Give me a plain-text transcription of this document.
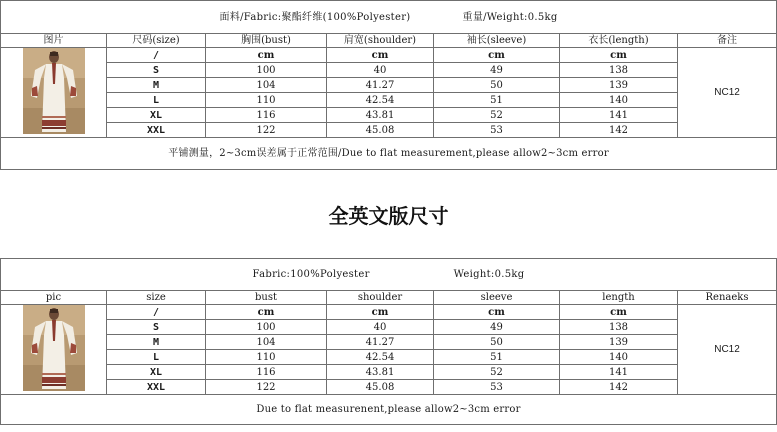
面料/Fabric:聚酯纤维(100%Polyester) 重量/Weight:0.5kg						
图片	尺码(size)	胸围(bust)	肩宽(shoulder)	袖长(sleeve)	衣长(length)	备注
	/	cm	cm	cm	cm	NC12
	S	100	40	49	138	
	M	104	41.27	50	139	
	L	110	42.54	51	140	
	XL	116	43.81	52	141	
	XXL	122	45.08	53	142	
平铺测量，2~3cm误差属于正常范围/Due to flat measurement,please allow2~3cm error						
全英文版尺寸
Fabric:100%Polyester Weight:0.5kg						
pic	size	bust	shoulder	sleeve	length	Renaeks
	/	cm	cm	cm	cm	NC12
	S	100	40	49	138	
	M	104	41.27	50	139	
	L	110	42.54	51	140	
	XL	116	43.81	52	141	
	XXL	122	45.08	53	142	
Due to flat measurenent,please allow2~3cm error						
